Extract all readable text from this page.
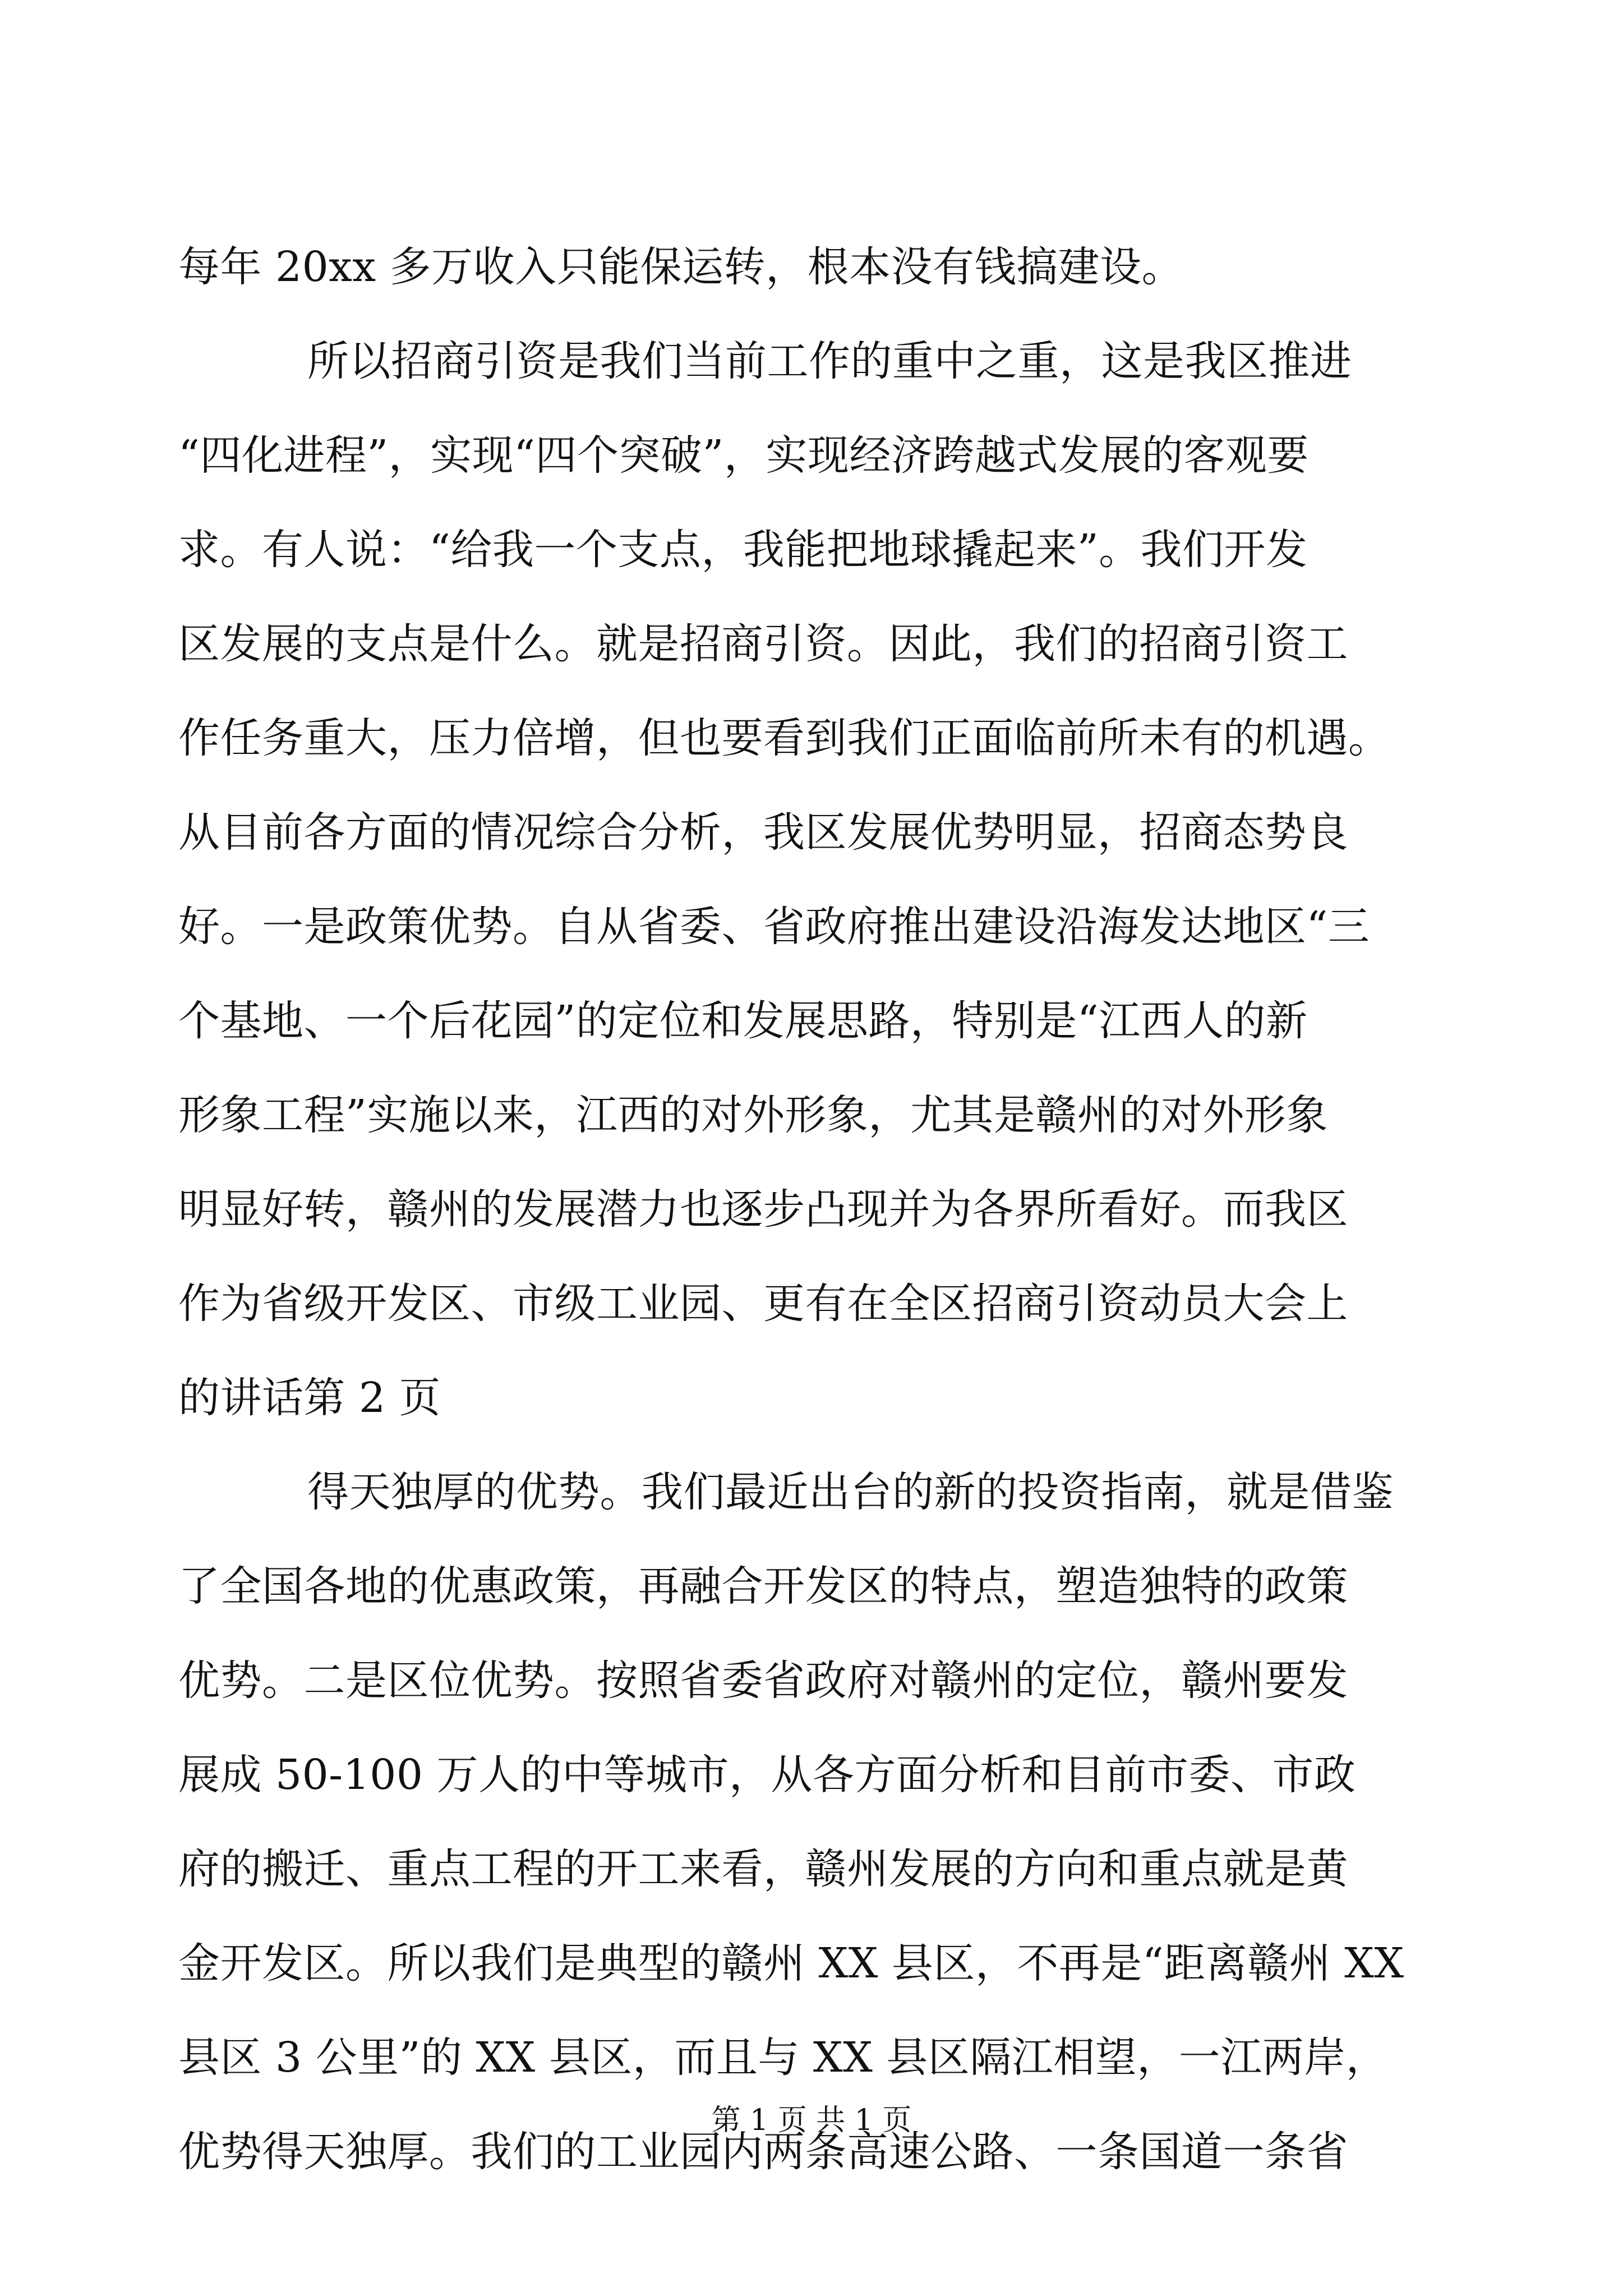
每年 20xx 多万收入只能保运转，根本没有钱搞建设。
所以招商引资是我们当前工作的重中之重，这是我区推进
“四化进程”，实现“四个突破”，实现经济跨越式发展的客观要
求。有人说：“给我一个支点，我能把地球撬起来”。我们开发
区发展的支点是什么。就是招商引资。因此，我们的招商引资工
作任务重大，压力倍增，但也要看到我们正面临前所未有的机遇。
从目前各方面的情况综合分析，我区发展优势明显，招商态势良
好。一是政策优势。自从省委、省政府推出建设沿海发达地区“三
个基地、一个后花园”的定位和发展思路，特别是“江西人的新
形象工程”实施以来，江西的对外形象，尤其是赣州的对外形象
明显好转，赣州的发展潜力也逐步凸现并为各界所看好。而我区
作为省级开发区、市级工业园、更有在全区招商引资动员大会上
的讲话第 2 页
得天独厚的优势。我们最近出台的新的投资指南，就是借鉴
了全国各地的优惠政策，再融合开发区的特点，塑造独特的政策
优势。二是区位优势。按照省委省政府对赣州的定位，赣州要发
展成 50-100 万人的中等城市，从各方面分析和目前市委、市政
府的搬迁、重点工程的开工来看，赣州发展的方向和重点就是黄
金开发区。所以我们是典型的赣州 XX 县区，不再是“距离赣州 XX
县区 3 公里”的 XX 县区，而且与 XX 县区隔江相望，一江两岸，
优势得天独厚。我们的工业园内两条高速公路、一条国道一条省
第 1 页 共 1 页
